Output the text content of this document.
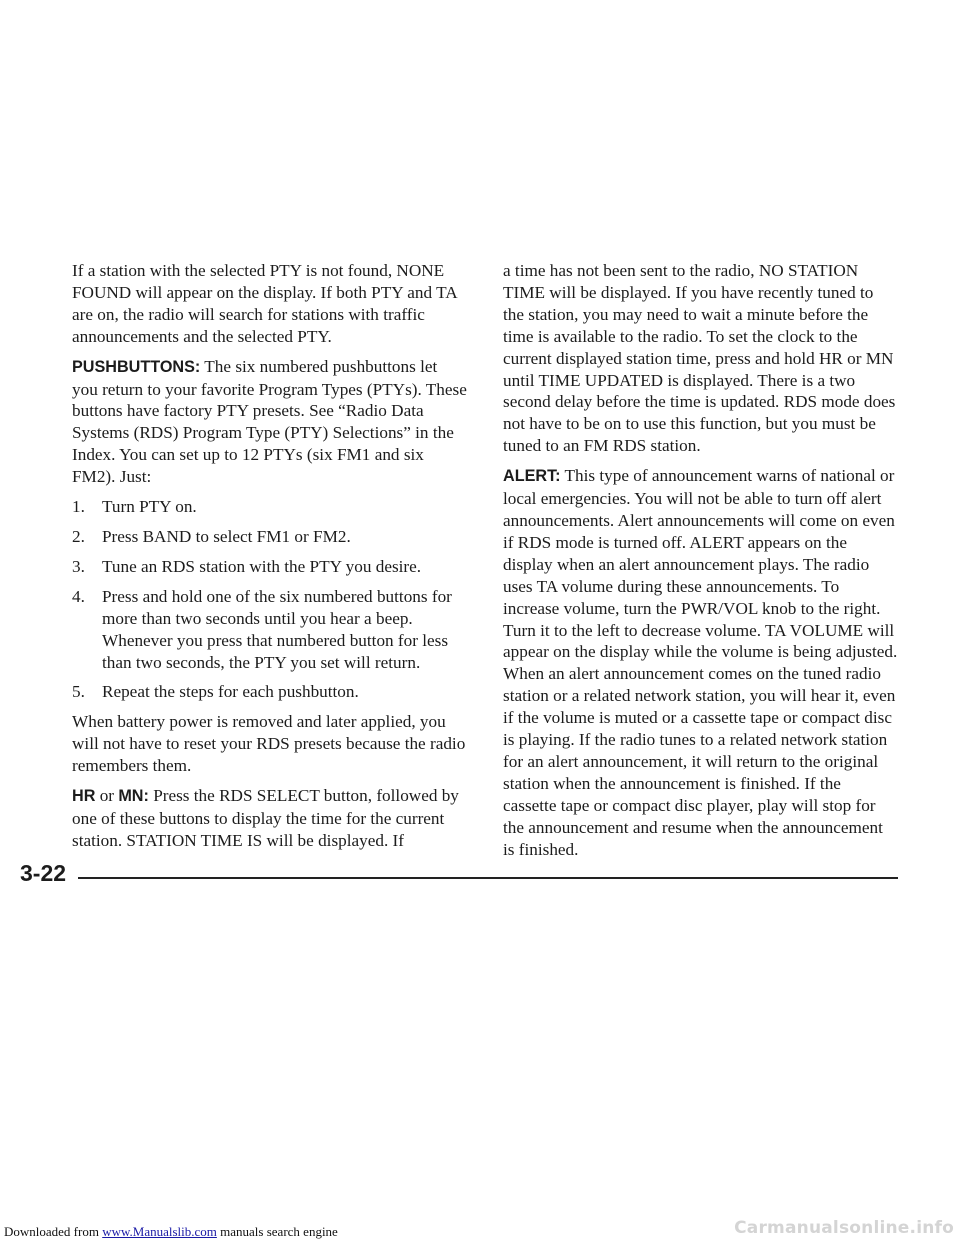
If a station with the selected PTY is not found, NONE FOUND will appear on the display. If both PTY and TA are on, the radio will search for stations with traffic announcements and the selected PTY.

PUSHBUTTONS: The six numbered pushbuttons let you return to your favorite Program Types (PTYs). These buttons have factory PTY presets. See “Radio Data Systems (RDS) Program Type (PTY) Selections” in the Index. You can set up to 12 PTYs (six FM1 and six FM2). Just:

1. Turn PTY on.
2. Press BAND to select FM1 or FM2.
3. Tune an RDS station with the PTY you desire.
4. Press and hold one of the six numbered buttons for more than two seconds until you hear a beep. Whenever you press that numbered button for less than two seconds, the PTY you set will return.
5. Repeat the steps for each pushbutton.

When battery power is removed and later applied, you will not have to reset your RDS presets because the radio remembers them.

HR or MN: Press the RDS SELECT button, followed by one of these buttons to display the time for the current station. STATION TIME IS will be displayed. If

a time has not been sent to the radio, NO STATION TIME will be displayed. If you have recently tuned to the station, you may need to wait a minute before the time is available to the radio. To set the clock to the current displayed station time, press and hold HR or MN until TIME UPDATED is displayed. There is a two second delay before the time is updated. RDS mode does not have to be on to use this function, but you must be tuned to an FM RDS station.

ALERT: This type of announcement warns of national or local emergencies. You will not be able to turn off alert announcements. Alert announcements will come on even if RDS mode is turned off. ALERT appears on the display when an alert announcement plays. The radio uses TA volume during these announcements. To increase volume, turn the PWR/VOL knob to the right. Turn it to the left to decrease volume. TA VOLUME will appear on the display while the volume is being adjusted. When an alert announcement comes on the tuned radio station or a related network station, you will hear it, even if the volume is muted or a cassette tape or compact disc is playing. If the radio tunes to a related network station for an alert announcement, it will return to the original station when the announcement is finished. If the cassette tape or compact disc player, play will stop for the announcement and resume when the announcement is finished.

3-22
Downloaded from www.Manualslib.com manuals search engine	Carmanualsonline.info
